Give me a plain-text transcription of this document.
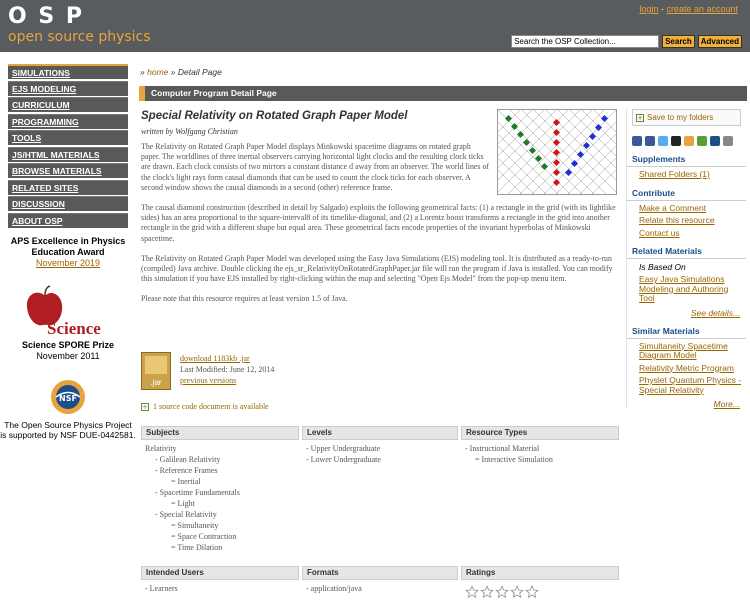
O S P
open source physics
login - create an account
Search the OSP Collection...
Search	Advanced
SIMULATIONS
EJS MODELING
CURRICULUM
PROGRAMMING
TOOLS
JS/HTML MATERIALS
BROWSE MATERIALS
RELATED SITES
DISCUSSION
ABOUT OSP
APS Excellence in Physics Education Award
November 2019
Science
Science SPORE Prize
November 2011
NSF
The Open Source Physics Project is supported by NSF DUE-0442581.
» home » Detail Page
Computer Program Detail Page
Special Relativity on Rotated Graph Paper Model
written by Wolfgang Christian

The Relativity on Rotated Graph Paper Model displays Minkowski spacetime diagrams on rotated graph paper. The worldlines of three inertial observers carrying horizontal light clocks and the resulting clock ticks are drawn. Each clock consists of two mirrors a constant distance d away from an observer. The world lines of the clock's light rays form causal diamonds that can be used to count the clock ticks for each observer. A second window shows the causal diamonds in a second (other) reference frame.

The causal diamond construction (described in detail by Salgado) exploits the following geometrical facts: (1) a rectangle in the grid (with its lightlike sides) has an area proportional to the square-interval8 of its timelike-diagonal, and (2) a Lorentz boost transforms a rectangle in the grid into another rectangle in the grid with a different shape but equal area. These geometrical facts encode properties of the invariant hyperbolas of Minkowski spacetime.

The Relativity on Rotated Graph Paper Model was developed using the Easy Java Simulations (EJS) modeling tool. It is distributed as a ready-to-run (compiled) Java archive. Double clicking the ejs_sr_RelativityOnRotatedGraphPaper.jar file will run the program if Java is installed. You can modify this simulation if you have EJS installed by right-clicking within the map and selecting "Open Ejs Model" from the pop-up menu item.

Please note that this resource requires at least version 1.5 of Java.

.jar
download 1183kb .jar
Last Modified: June 12, 2014
previous versions
+ 1 source code document is available
Subjects
Relativity
- Galilean Relativity
- Reference Frames
= Inertial
- Spacetime Fundamentals
= Light
- Special Relativity
= Simultaneity
= Space Contraction
= Time Dilation
Levels
- Upper Undergraduate
- Lower Undergraduate
Resource Types
- Instructional Material
= Interactive Simulation
Intended Users
- Learners
Formats
- application/java
Ratings
+ Save to my folders
Supplements
Shared Folders (1)
Contribute
Make a Comment
Relate this resource
Contact us
Related Materials
Is Based On
Easy Java Simulations Modeling and Authoring Tool
See details...
Similar Materials
Simultaneity Spacetime Diagram Model
Relativity Metric Program
Physlet Quantum Physics - Special Relativity
More...
